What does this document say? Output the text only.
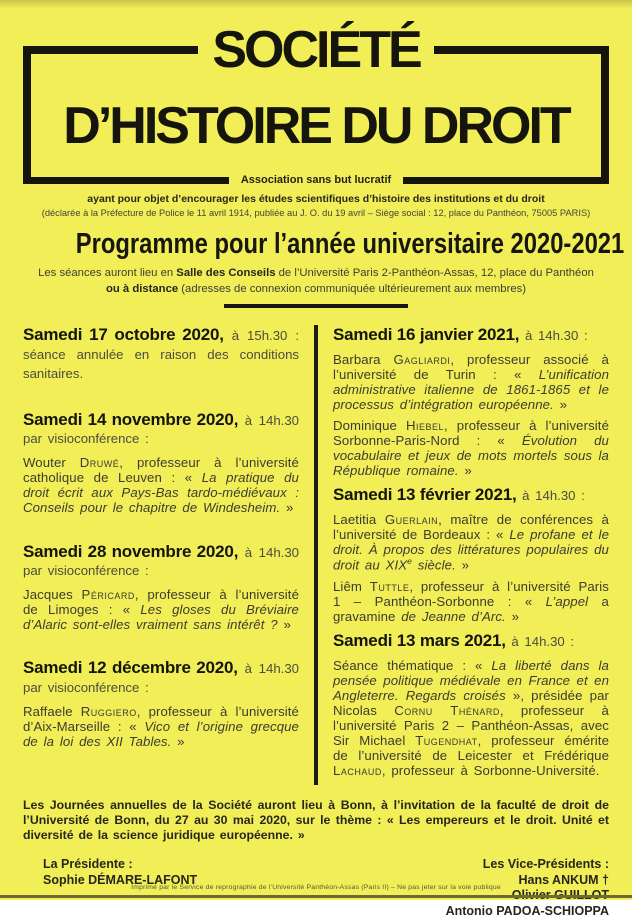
SOCIÉTÉ
D’HISTOIRE DU DROIT
Association sans but lucratif
ayant pour objet d’encourager les études scientifiques d’histoire des institutions et du droit
(déclarée à la Préfecture de Police le 11 avril 1914, publiée au J. O. du 19 avril – Siège social : 12, place du Panthéon, 75005 PARIS)
Programme pour l’année universitaire 2020-2021
Les séances auront lieu en Salle des Conseils de l’Université Paris 2-Panthéon-Assas, 12, place du Panthéon
ou à distance (adresses de connexion communiquée ultérieurement aux membres)

Samedi 17 octobre 2020, à 15h.30 : séance annulée en raison des conditions sanitaires.

Samedi 14 novembre 2020, à 14h.30 par visioconférence :

Wouter Druwé, professeur à l’université catholique de Leuven : « La pratique du droit écrit aux Pays-Bas tardo-médiévaux : Conseils pour le chapitre de Windesheim. »

Samedi 28 novembre 2020, à 14h.30 par visioconférence :

Jacques Péricard, professeur à l’université de Limoges : « Les gloses du Bréviaire d’Alaric sont-elles vraiment sans intérêt ? »

Samedi 12 décembre 2020, à 14h.30 par visioconférence :

Raffaele Ruggiero, professeur à l’université d’Aix-Marseille : « Vico et l’origine grecque de la loi des XII Tables. »

Samedi 16 janvier 2021, à 14h.30 :

Barbara Gagliardi, professeur associé à l’université de Turin : « L’unification administrative italienne de 1861-1865 et le processus d’intégration européenne. »

Dominique Hiebel, professeur à l’université Sorbonne-Paris-Nord : « Évolution du vocabulaire et jeux de mots mortels sous la République romaine. »

Samedi 13 février 2021, à 14h.30 :

Laetitia Guerlain, maître de conférences à l’université de Bordeaux : « Le profane et le droit. À propos des littératures populaires du droit au XIXe siècle. »

Liêm Tuttle, professeur à l’université Paris 1 – Panthéon-Sorbonne : « L’appel a gravamine de Jeanne d’Arc. »

Samedi 13 mars 2021, à 14h.30 :

Séance thématique : « La liberté dans la pensée politique médiévale en France et en Angleterre. Regards croisés », présidée par Nicolas Cornu Thénard, professeur à l’université Paris 2 – Panthéon-Assas, avec Sir Michael Tugendhat, professeur émérite de l’université de Leicester et Frédérique Lachaud, professeur à Sorbonne-Université.

Les Journées annuelles de la Société auront lieu à Bonn, à l’invitation de la faculté de droit de l’Université de Bonn, du 27 au 30 mai 2020, sur le thème : « Les empereurs et le droit. Unité et diversité de la science juridique européenne. »
La Présidente :
Sophie DÉMARE-LAFONT
Les Vice-Présidents :
Hans ANKUM †
Antonio PADOA-SCHIOPPA
Imprimé par le Service de reprographie de l’Université Panthéon-Assas (Paris II) – Ne pas jeter sur la voie publique
